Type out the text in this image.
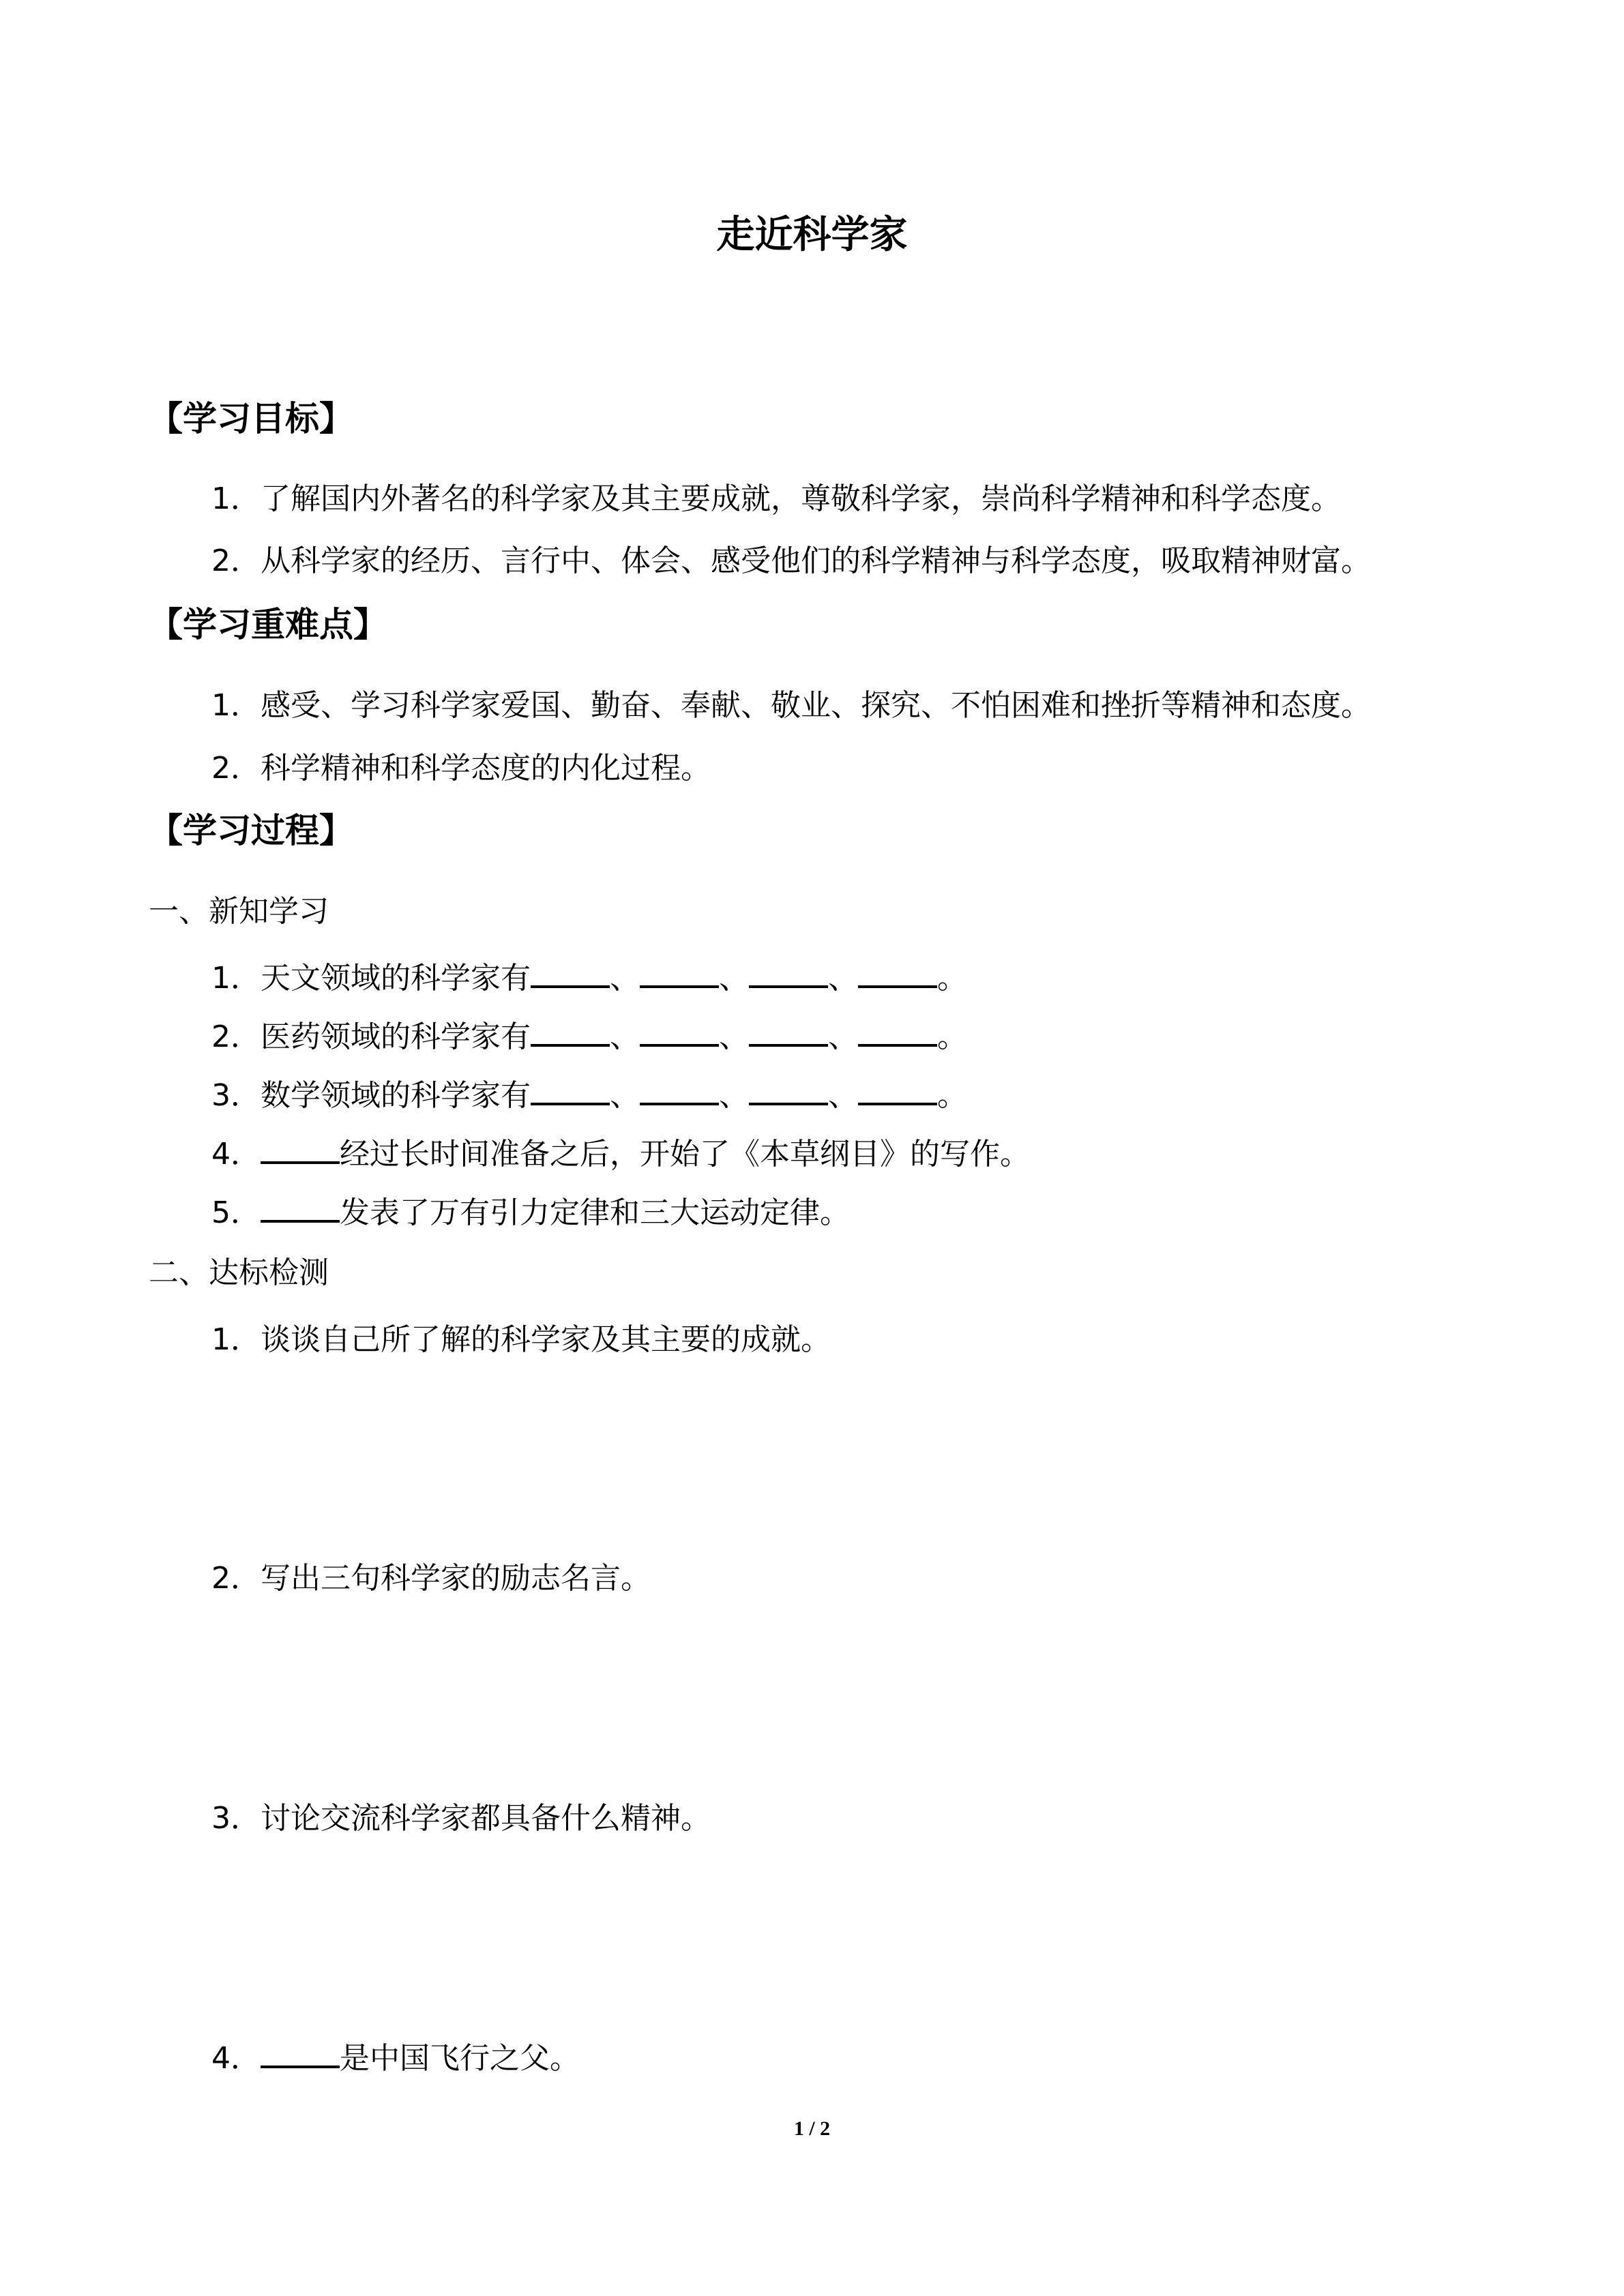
走近科学家
【学习目标】
1．了解国内外著名的科学家及其主要成就，尊敬科学家，崇尚科学精神和科学态度。
2．从科学家的经历、言行中、体会、感受他们的科学精神与科学态度，吸取精神财富。
【学习重难点】
1．感受、学习科学家爱国、勤奋、奉献、敬业、探究、不怕困难和挫折等精神和态度。
2．科学精神和科学态度的内化过程。
【学习过程】
一、新知学习
1．天文领域的科学家有	、	、	、	。
2．医药领域的科学家有	、	、	、	。
3．数学领域的科学家有	、	、	、	。
4．	经过长时间准备之后，开始了《本草纲目》的写作。
5．	发表了万有引力定律和三大运动定律。
二、达标检测
1．谈谈自己所了解的科学家及其主要的成就。
2．写出三句科学家的励志名言。
3．讨论交流科学家都具备什么精神。
4．	是中国飞行之父。
1 / 2
